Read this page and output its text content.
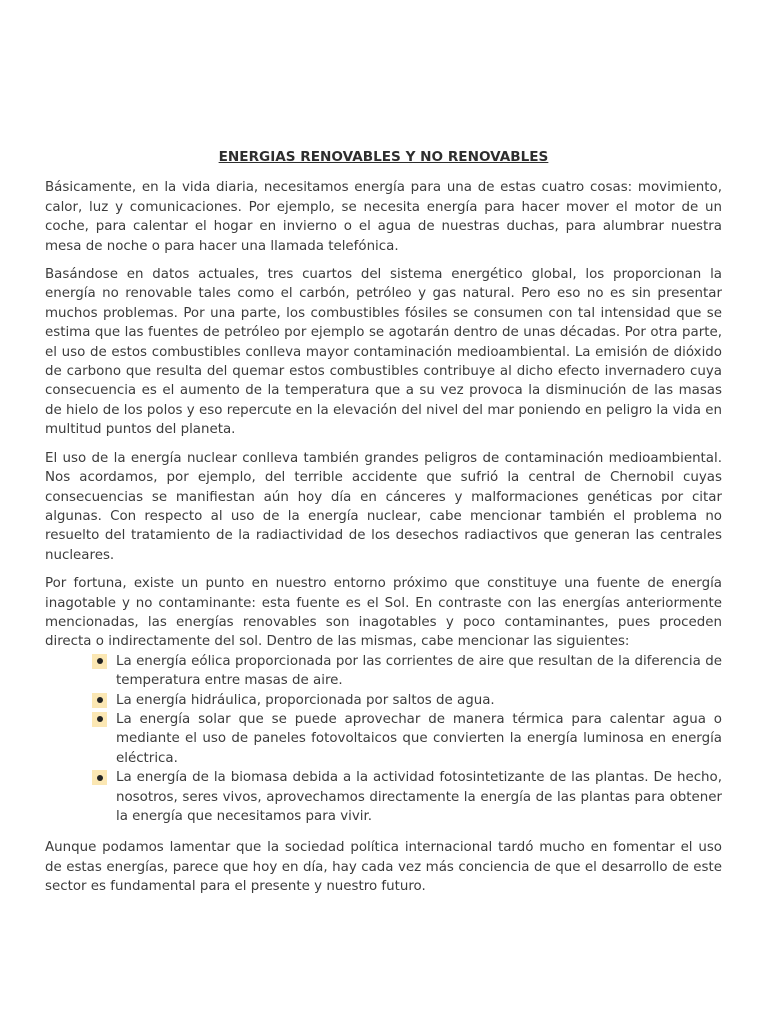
ENERGIAS RENOVABLES Y NO RENOVABLES

Básicamente, en la vida diaria, necesitamos energía para una de estas cuatro cosas: movimiento, calor, luz y comunicaciones. Por ejemplo, se necesita energía para hacer mover el motor de un coche, para calentar el hogar en invierno o el agua de nuestras duchas, para alumbrar nuestra mesa de noche o para hacer una llamada telefónica.

Basándose en datos actuales, tres cuartos del sistema energético global, los proporcionan la energía no renovable tales como el carbón, petróleo y gas natural. Pero eso no es sin presentar muchos problemas. Por una parte, los combustibles fósiles se consumen con tal intensidad que se estima que las fuentes de petróleo por ejemplo se agotarán dentro de unas décadas. Por otra parte, el uso de estos combustibles conlleva mayor contaminación medioambiental. La emisión de dióxido de carbono que resulta del quemar estos combustibles contribuye al dicho efecto invernadero cuya consecuencia es el aumento de la temperatura que a su vez provoca la disminución de las masas de hielo de los polos y eso repercute en la elevación del nivel del mar poniendo en peligro la vida en multitud puntos del planeta.

El uso de la energía nuclear conlleva también grandes peligros de contaminación medioambiental. Nos acordamos, por ejemplo, del terrible accidente que sufrió la central de Chernobil cuyas consecuencias se manifiestan aún hoy día en cánceres y malformaciones genéticas por citar algunas. Con respecto al uso de la energía nuclear, cabe mencionar también el problema no resuelto del tratamiento de la radiactividad de los desechos radiactivos que generan las centrales nucleares.

Por fortuna, existe un punto en nuestro entorno próximo que constituye una fuente de energía inagotable y no contaminante: esta fuente es el Sol. En contraste con las energías anteriormente mencionadas, las energías renovables son inagotables y poco contaminantes, pues proceden directa o indirectamente del sol. Dentro de las mismas, cabe mencionar las siguientes:

La energía eólica proporcionada por las corrientes de aire que resultan de la diferencia de temperatura entre masas de aire.
La energía hidráulica, proporcionada por saltos de agua.
La energía solar que se puede aprovechar de manera térmica para calentar agua o mediante el uso de paneles fotovoltaicos que convierten la energía luminosa en energía eléctrica.
La energía de la biomasa debida a la actividad fotosintetizante de las plantas. De hecho, nosotros, seres vivos, aprovechamos directamente la energía de las plantas para obtener la energía que necesitamos para vivir.

Aunque podamos lamentar que la sociedad política internacional tardó mucho en fomentar el uso de estas energías, parece que hoy en día, hay cada vez más conciencia de que el desarrollo de este sector es fundamental para el presente y nuestro futuro.
